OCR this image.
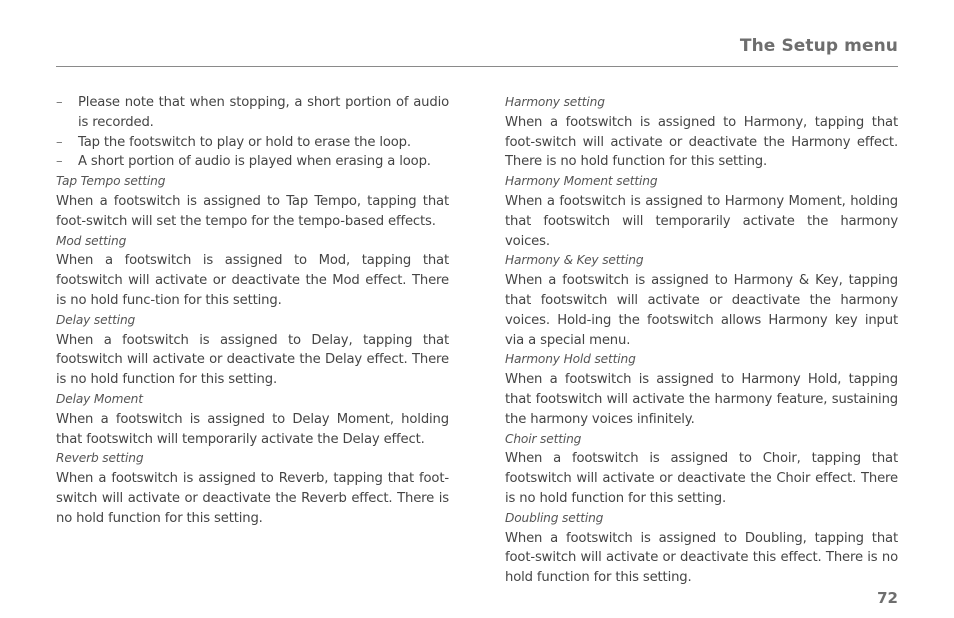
The Setup menu
– Please note that when stopping, a short portion of audio is recorded.
– Tap the footswitch to play or hold to erase the loop.
– A short portion of audio is played when erasing a loop.
Tap Tempo setting
When a footswitch is assigned to Tap Tempo, tapping that foot-switch will set the tempo for the tempo-based effects.
Mod setting
When a footswitch is assigned to Mod, tapping that footswitch will activate or deactivate the Mod effect. There is no hold func-tion for this setting.
Delay setting
When a footswitch is assigned to Delay, tapping that footswitch will activate or deactivate the Delay effect. There is no hold function for this setting.
Delay Moment
When a footswitch is assigned to Delay Moment, holding that footswitch will temporarily activate the Delay effect.
Reverb setting
When a footswitch is assigned to Reverb, tapping that foot-switch will activate or deactivate the Reverb effect. There is no hold function for this setting.
Harmony setting
When a footswitch is assigned to Harmony, tapping that foot-switch will activate or deactivate the Harmony effect. There is no hold function for this setting.
Harmony Moment setting
When a footswitch is assigned to Harmony Moment, holding that footswitch will temporarily activate the harmony voices.
Harmony & Key setting
When a footswitch is assigned to Harmony & Key, tapping that footswitch will activate or deactivate the harmony voices. Hold-ing the footswitch allows Harmony key input via a special menu.
Harmony Hold setting
When a footswitch is assigned to Harmony Hold, tapping that footswitch will activate the harmony feature, sustaining the harmony voices infinitely.
Choir setting
When a footswitch is assigned to Choir, tapping that footswitch will activate or deactivate the Choir effect. There is no hold function for this setting.
Doubling setting
When a footswitch is assigned to Doubling, tapping that foot-switch will activate or deactivate this effect. There is no hold function for this setting.
72
